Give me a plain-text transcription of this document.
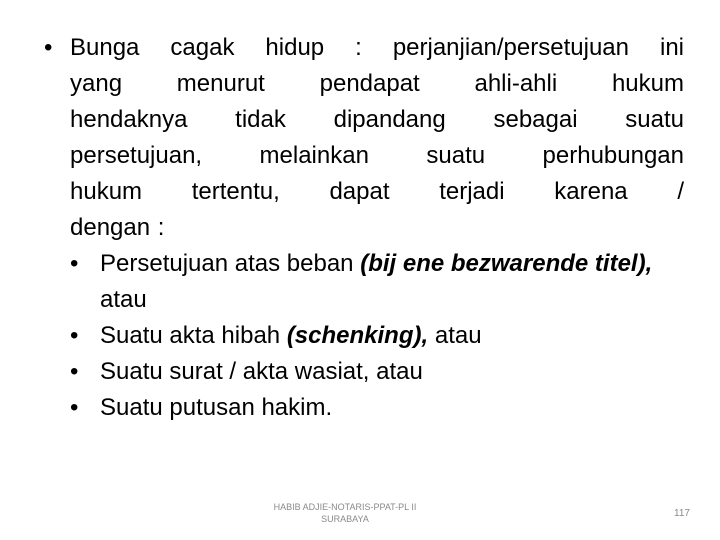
• Bunga cagak hidup : perjanjian/persetujuan ini
yang menurut pendapat ahli-ahli hukum
hendaknya tidak dipandang sebagai suatu
persetujuan, melainkan suatu perhubungan
hukum tertentu, dapat terjadi karena /
dengan :
• Persetujuan atas beban (bij ene bezwarende titel), atau
• Suatu akta hibah (schenking), atau
• Suatu surat / akta wasiat, atau
• Suatu putusan hakim.
HABIB ADJIE-NOTARIS-PPAT-PL II
SURABAYA	117
